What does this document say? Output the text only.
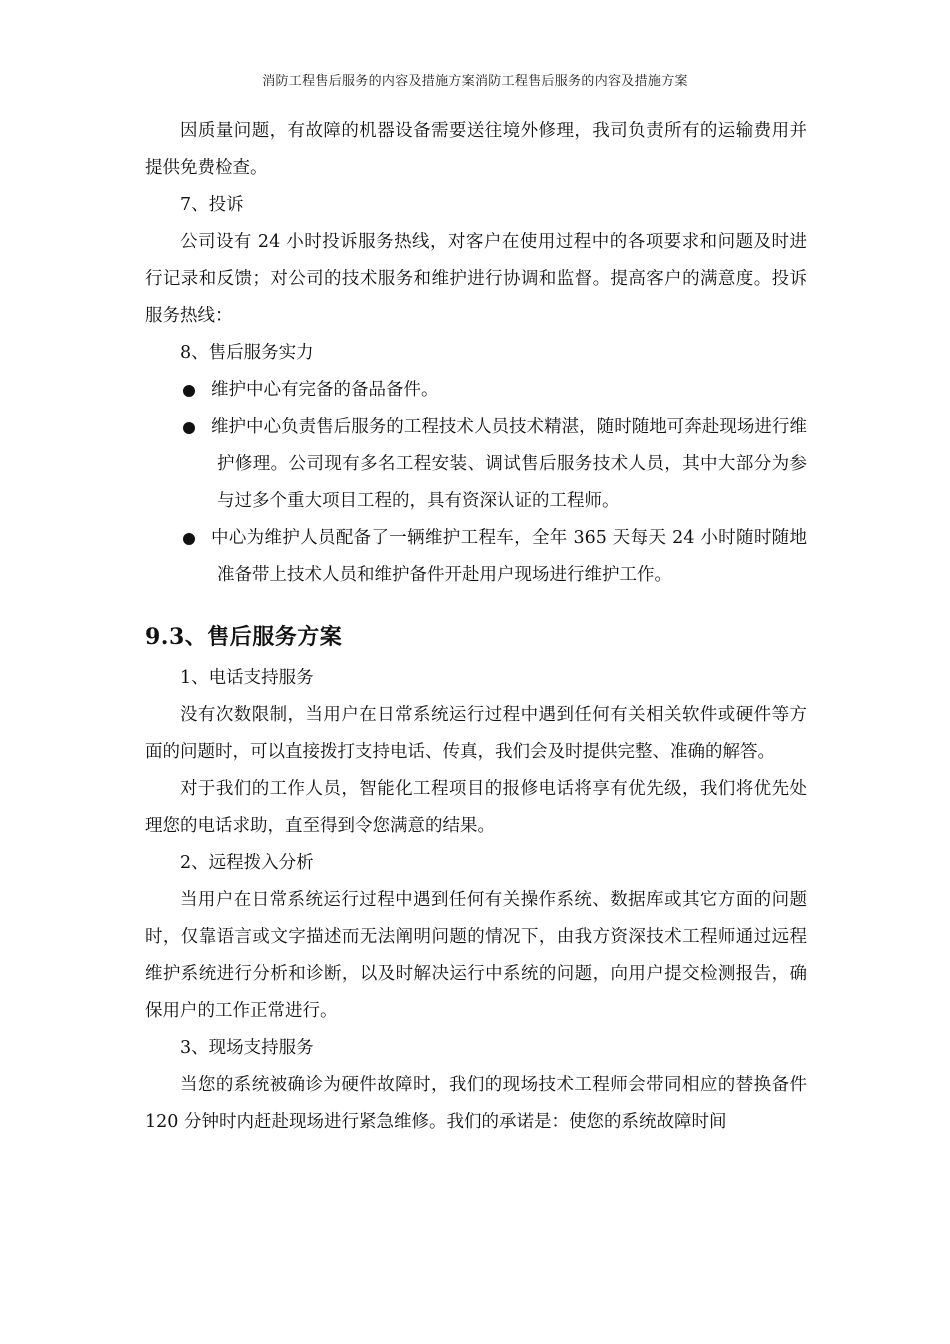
消防工程售后服务的内容及措施方案消防工程售后服务的内容及措施方案

因质量问题，有故障的机器设备需要送往境外修理，我司负责所有的运输费用并提供免费检查。

7、投诉

公司设有 24 小时投诉服务热线，对客户在使用过程中的各项要求和问题及时进行记录和反馈；对公司的技术服务和维护进行协调和监督。提高客户的满意度。投诉服务热线：

8、售后服务实力

维护中心有完备的备品备件。
维护中心负责售后服务的工程技术人员技术精湛，随时随地可奔赴现场进行维护修理。公司现有多名工程安装、调试售后服务技术人员，其中大部分为参与过多个重大项目工程的，具有资深认证的工程师。
中心为维护人员配备了一辆维护工程车，全年 365 天每天 24 小时随时随地准备带上技术人员和维护备件开赴用户现场进行维护工作。
9.3、售后服务方案

1、电话支持服务

没有次数限制，当用户在日常系统运行过程中遇到任何有关相关软件或硬件等方面的问题时，可以直接拨打支持电话、传真，我们会及时提供完整、准确的解答。

对于我们的工作人员，智能化工程项目的报修电话将享有优先级，我们将优先处理您的电话求助，直至得到令您满意的结果。

2、远程拨入分析

当用户在日常系统运行过程中遇到任何有关操作系统、数据库或其它方面的问题时，仅靠语言或文字描述而无法阐明问题的情况下，由我方资深技术工程师通过远程维护系统进行分析和诊断，以及时解决运行中系统的问题，向用户提交检测报告，确保用户的工作正常进行。

3、现场支持服务

当您的系统被确诊为硬件故障时，我们的现场技术工程师会带同相应的替换备件 120 分钟时内赶赴现场进行紧急维修。我们的承诺是：使您的系统故障时间
